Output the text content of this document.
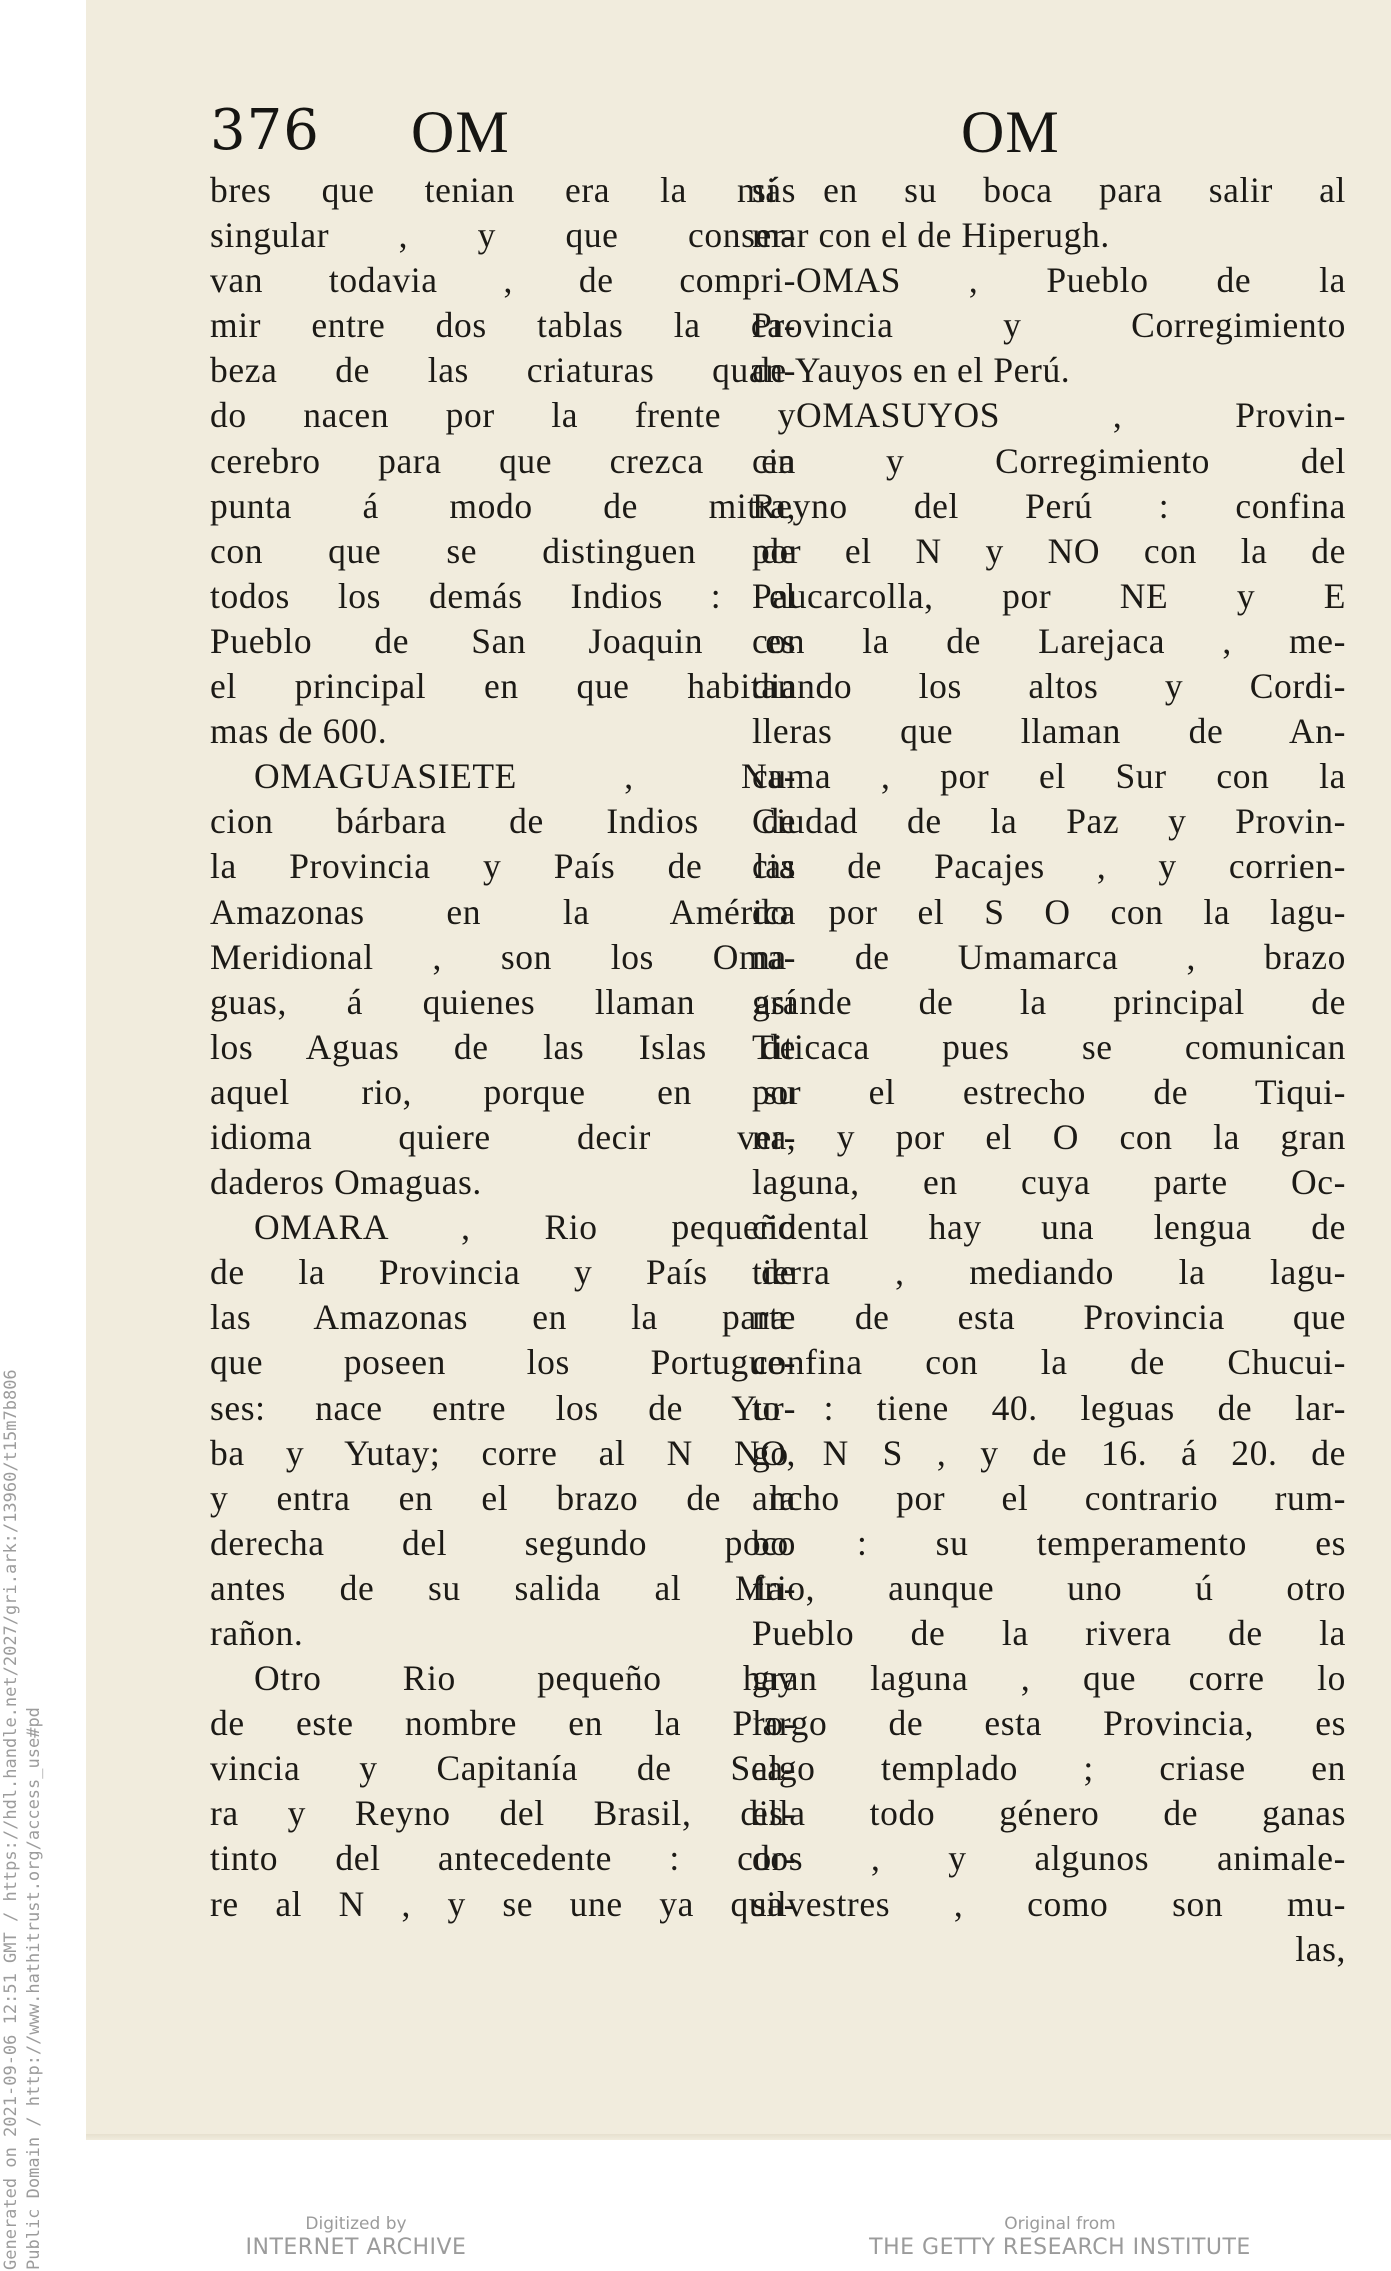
376 OM	OM
bres que tenian era la más
singular , y que conser-
van todavia , de compri-
mir entre dos tablas la ca-
beza de las criaturas quan-
do nacen por la frente y
cerebro para que crezca en
punta á modo de mitra,
con que se distinguen de
todos los demás Indios : el
Pueblo de San Joaquin es
el principal en que habitan
mas de 600.
OMAGUASIETE , Na-
cion bárbara de Indios de
la Provincia y País de las
Amazonas en la América
Meridional , son los Oma-
guas, á quienes llaman así
los Aguas de las Islas de
aquel rio, porque en su
idioma quiere decir ver-
daderos Omaguas.
OMARA , Rio pequeño
de la Provincia y País de
las Amazonas en la parte
que poseen los Portugue-
ses: nace entre los de Yur-
ba y Yutay; corre al N NO,
y entra en el brazo de la
derecha del segundo poco
antes de su salida al Ma-
rañon.
Otro Rio pequeño hay
de este nombre en la Pro-
vincia y Capitanía de Sea-
ra y Reyno del Brasil, dis-
tinto del antecedente : cor-
re al N , y se une ya qua-
si en su boca para salir al
mar con el de Hiperugh.
OMAS , Pueblo de la
Provincia y Corregimiento
de Yauyos en el Perú.
OMASUYOS , Provin-
cia y Corregimiento del
Reyno del Perú : confina
por el N y NO con la de
Paucarcolla, por NE y E
con la de Larejaca , me-
diando los altos y Cordi-
lleras que llaman de An-
cuma , por el Sur con la
Ciudad de la Paz y Provin-
cia de Pacajes , y corrien-
do por el S O con la lagu-
na de Umamarca , brazo
grande de la principal de
Titicaca pues se comunican
por el estrecho de Tiqui-
na, y por el O con la gran
laguna, en cuya parte Oc-
cidental hay una lengua de
tierra , mediando la lagu-
na de esta Provincia que
confina con la de Chucui-
to : tiene 40. leguas de lar-
go N S , y de 16. á 20. de
ancho por el contrario rum-
bo : su temperamento es
frio, aunque uno ú otro
Pueblo de la rivera de la
gran laguna , que corre lo
largo de esta Provincia, es
algo templado ; criase en
ella todo género de ganas
dos , y algunos animale-
silvestres , como son mu-
las,
Generated on 2021-09-06 12:51 GMT / https://hdl.handle.net/2027/gri.ark:/13960/t15m7b806 Public Domain / http://www.hathitrust.org/access_use#pd	Digitized by
INTERNET ARCHIVE
Original from
THE GETTY RESEARCH INSTITUTE
